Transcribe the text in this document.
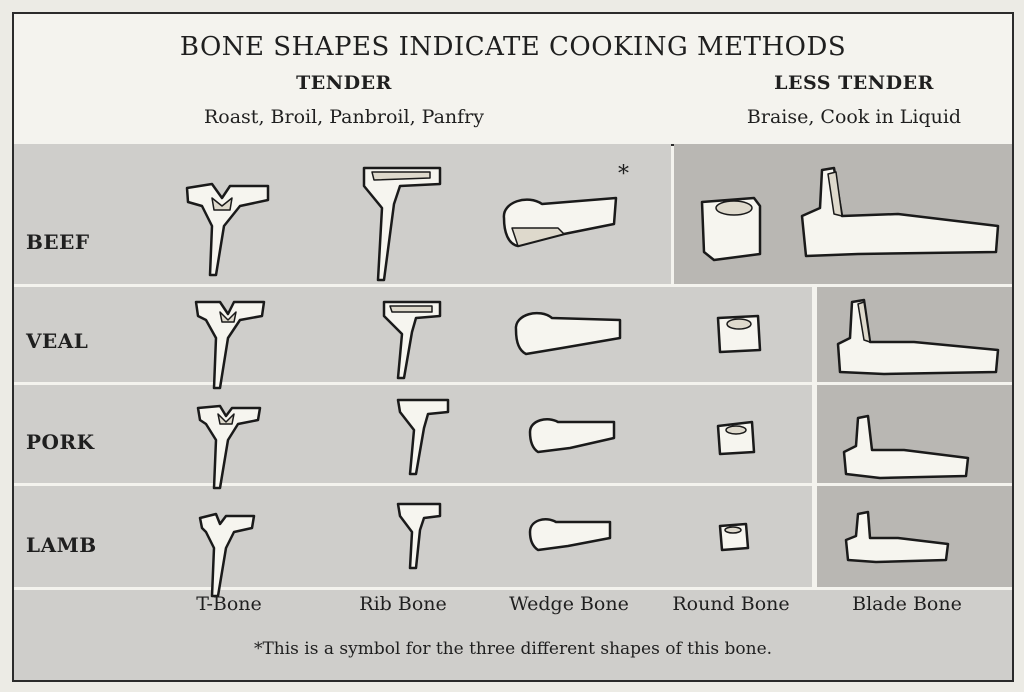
BONE SHAPES INDICATE COOKING METHODS
TENDER
Roast, Broil, Panbroil, Panfry
LESS TENDER
Braise, Cook in Liquid
BEEF
VEAL
PORK
LAMB
*
T-Bone	Rib Bone	Wedge Bone	Round Bone	Blade Bone
*This is a symbol for the three different shapes of this bone.
